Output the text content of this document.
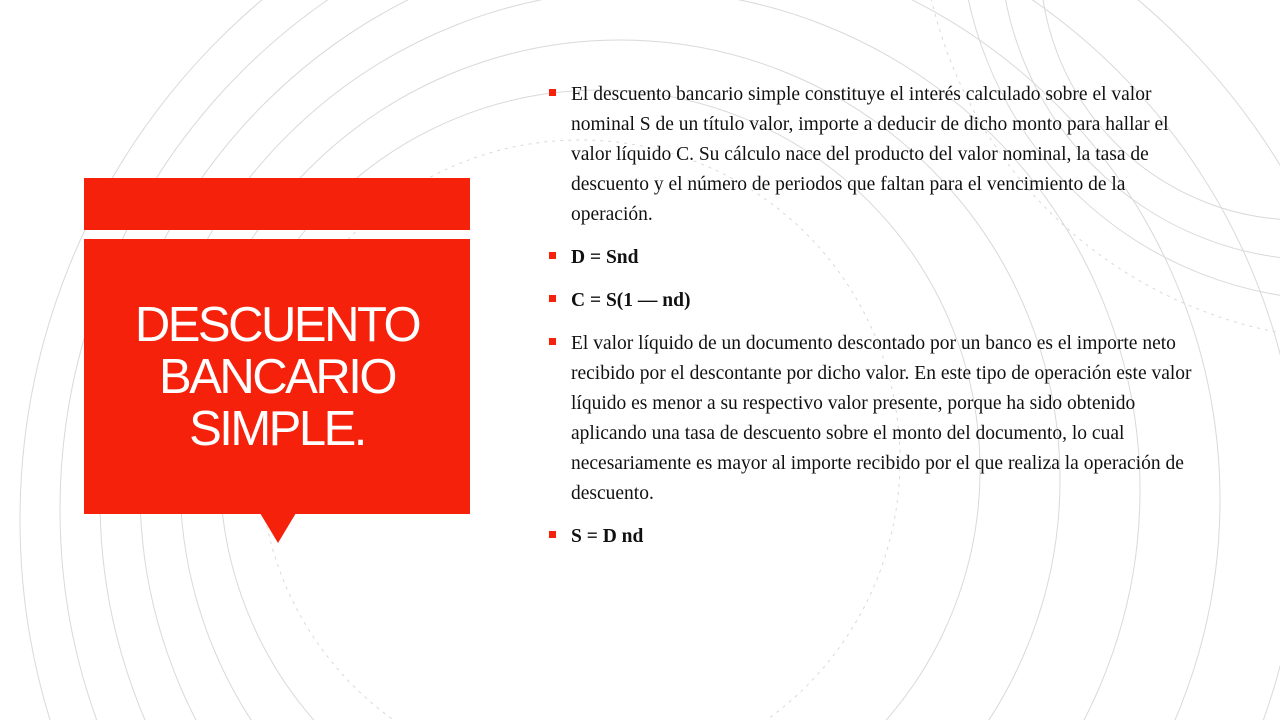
DESCUENTO
BANCARIO
SIMPLE.
El descuento bancario simple constituye el interés calculado sobre el valor nominal S de un título valor, importe a deducir de dicho monto para hallar el valor líquido C. Su cálculo nace del producto del valor nominal, la tasa de descuento y el número de periodos que faltan para el vencimiento de la operación.
D = Snd
C = S(1 — nd)
El valor líquido de un documento descontado por un banco es el importe neto recibido por el descontante por dicho valor. En este tipo de operación este valor líquido es menor a su respectivo valor presente, porque ha sido obtenido aplicando una tasa de descuento sobre el monto del documento, lo cual necesariamente es mayor al importe recibido por el que realiza la operación de descuento.
S = D nd
